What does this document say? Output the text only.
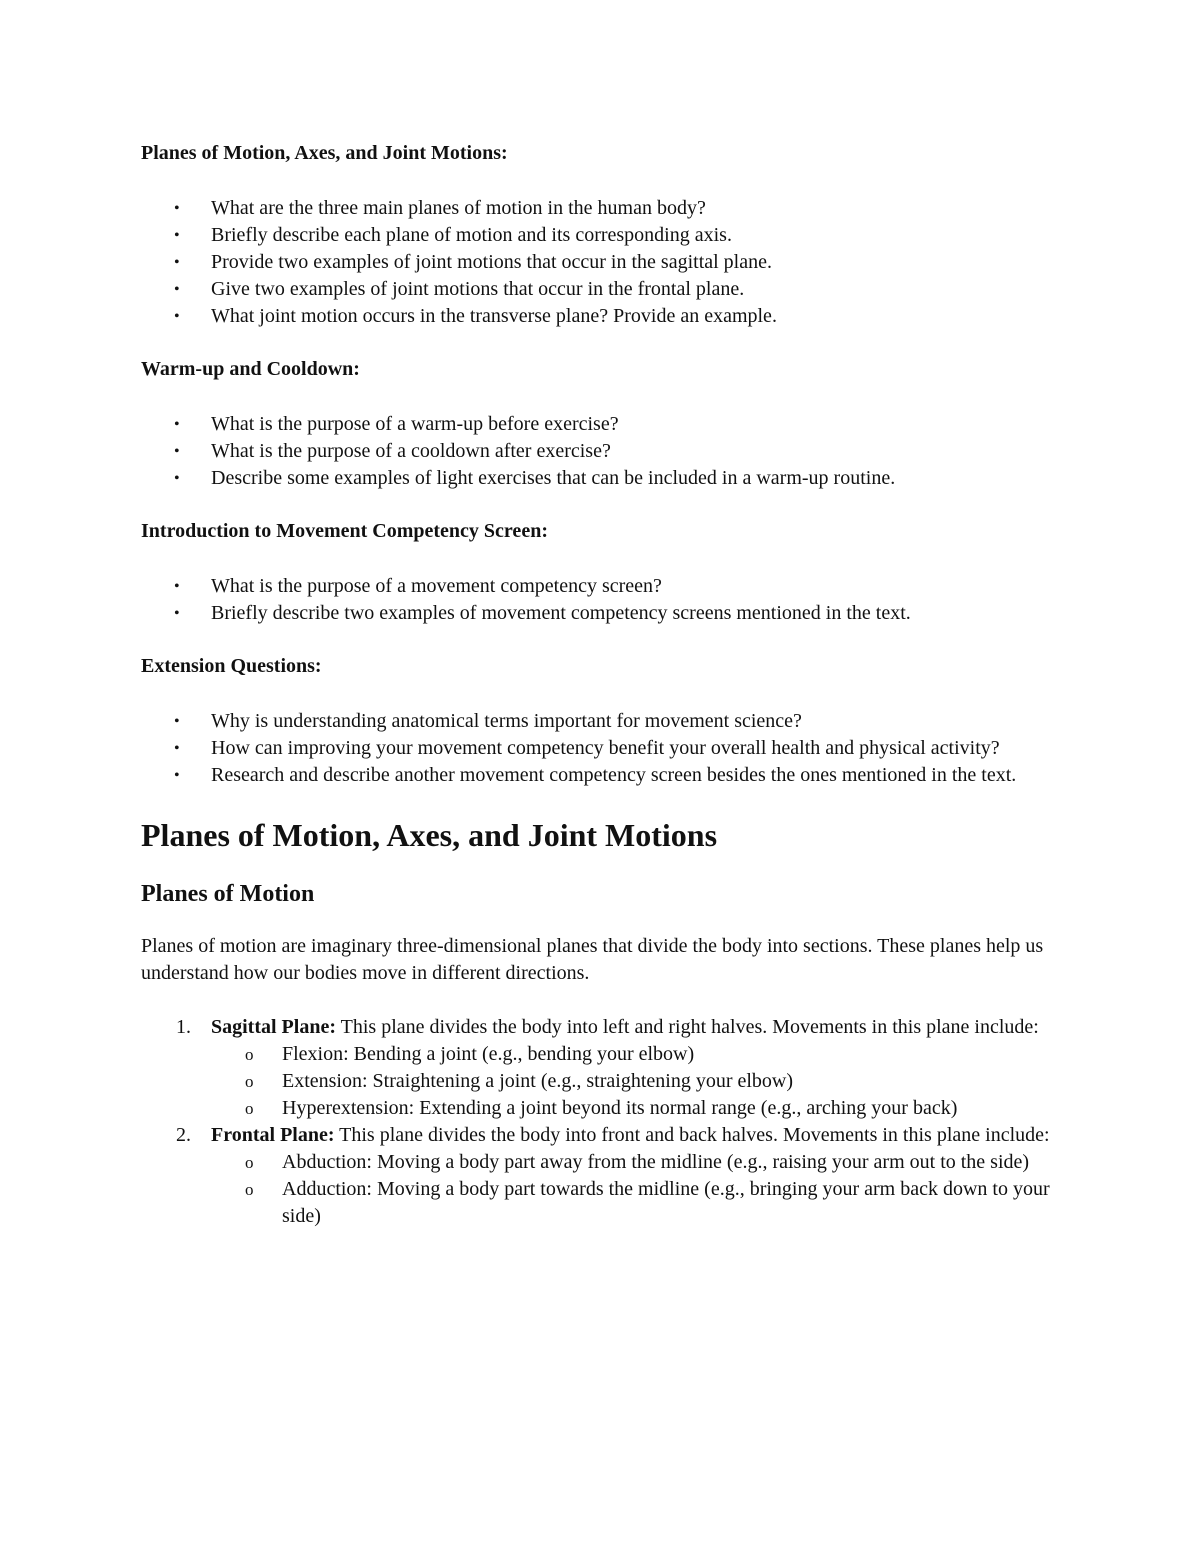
Planes of Motion, Axes, and Joint Motions:
• What are the three main planes of motion in the human body?
• Briefly describe each plane of motion and its corresponding axis.
• Provide two examples of joint motions that occur in the sagittal plane.
• Give two examples of joint motions that occur in the frontal plane.
• What joint motion occurs in the transverse plane? Provide an example.
Warm-up and Cooldown:
• What is the purpose of a warm-up before exercise?
• What is the purpose of a cooldown after exercise?
• Describe some examples of light exercises that can be included in a warm-up routine.
Introduction to Movement Competency Screen:
• What is the purpose of a movement competency screen?
• Briefly describe two examples of movement competency screens mentioned in the text.
Extension Questions:
• Why is understanding anatomical terms important for movement science?
• How can improving your movement competency benefit your overall health and physical activity?
• Research and describe another movement competency screen besides the ones mentioned in the text.
Planes of Motion, Axes, and Joint Motions
Planes of Motion

Planes of motion are imaginary three-dimensional planes that divide the body into sections. These planes help us understand how our bodies move in different directions.

1. Sagittal Plane: This plane divides the body into left and right halves. Movements in this plane include:
o Flexion: Bending a joint (e.g., bending your elbow)
o Extension: Straightening a joint (e.g., straightening your elbow)
o Hyperextension: Extending a joint beyond its normal range (e.g., arching your back)
2. Frontal Plane: This plane divides the body into front and back halves. Movements in this plane include:
o Abduction: Moving a body part away from the midline (e.g., raising your arm out to the side)
o Adduction: Moving a body part towards the midline (e.g., bringing your arm back down to your side)
